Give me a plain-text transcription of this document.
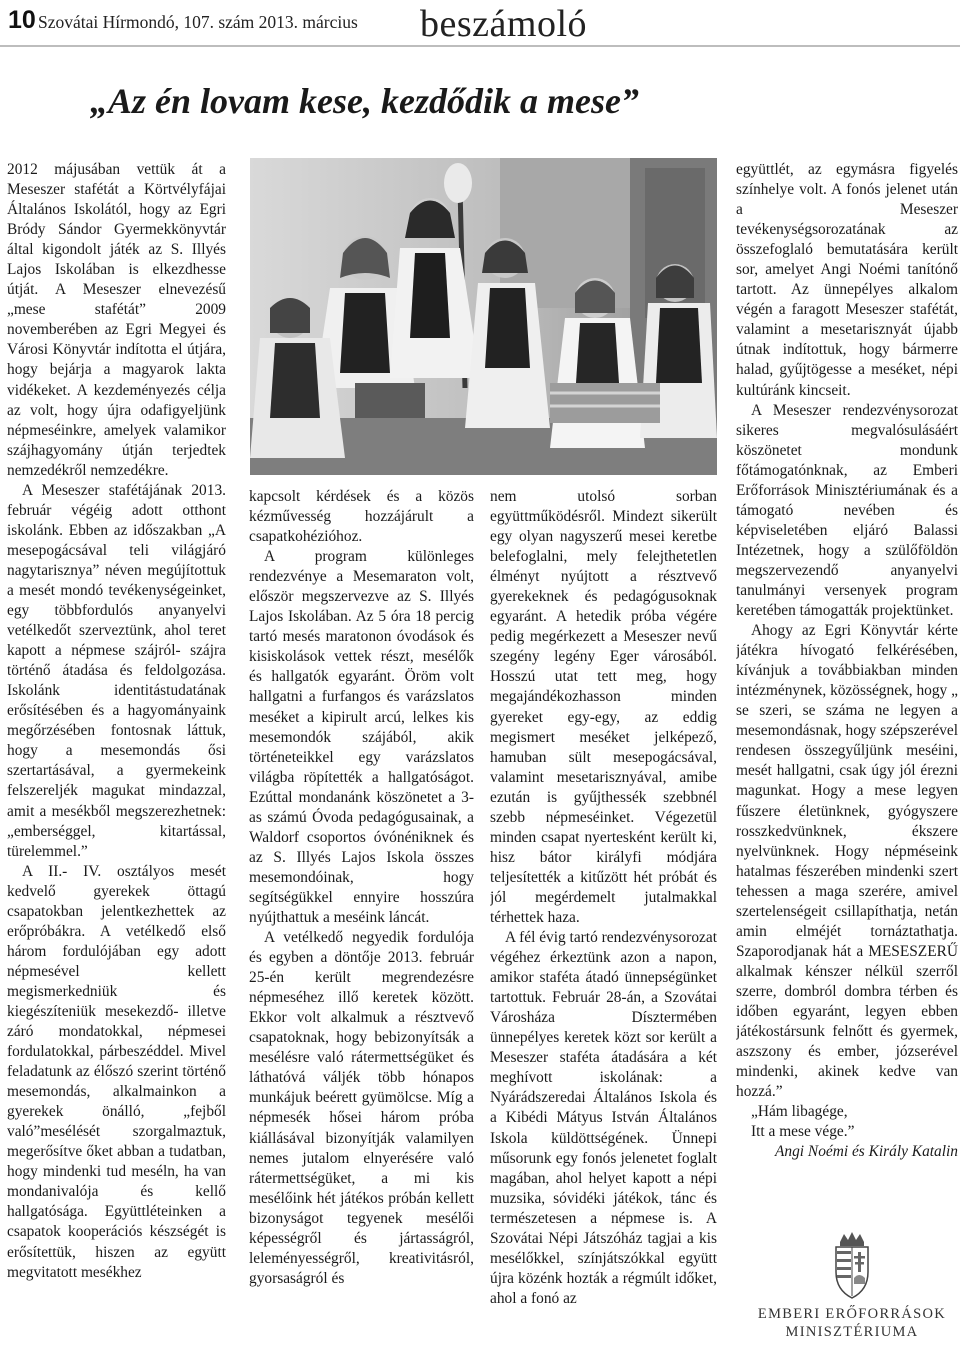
10 Szovátai Hírmondó, 107. szám 2013. március beszámoló
„Az én lovam kese, kezdődik a mese”

2012 májusában vettük át a Meseszer stafétát a Körtvélyfájai Általános Iskolától, hogy az Egri Bródy Sándor Gyermekkönyvtár által kigondolt játék az S. Illyés Lajos Iskolában is elkezdhesse útját. A Meseszer elnevezésű „mese stafétát” 2009 novemberében az Egri Megyei és Városi Könyvtár indította el útjára, hogy bejárja a magyarok lakta vidékeket. A kezdeményezés célja az volt, hogy újra odafigyeljünk népmeséinkre, amelyek valamikor szájhagyomány útján terjedtek nemzedékről nemzedékre.

A Meseszer stafétájának 2013. február végéig adott otthont iskolánk. Ebben az időszakban „A mesepogácsával teli világjáró nagytarisznya” néven megújítottuk a mesét mondó tevékenységeinket, egy többfordulós anyanyelvi vetélkedőt szerveztünk, ahol teret kapott a népmese szájról- szájra történő átadása és feldolgozása. Iskolánk identitástudatának erősítésében és a hagyományaink megőrzésében fontosnak láttuk, hogy a mesemondás ősi szertartásával, a gyermekeink felszereljék magukat mindazzal, amit a mesékből megszerezhetnek: „emberséggel, kitartással, türelemmel.”

A II.- IV. osztályos mesét kedvelő gyerekek öttagú csapatokban jelentkezhettek az erőpróbákra. A vetélkedő első három fordulójában egy adott népmesével kellett megismerkedniük és kiegészíteniük mesekezdő- illetve záró mondatokkal, népmesei fordulatokkal, párbeszéddel. Mivel feladatunk az élőszó szerint történő mesemondás, alkalmainkon a gyerekek önálló, „fejből való”mesélését szorgalmaztuk, megerősítve őket abban a tudatban, hogy mindenki tud meséln, ha van mondanivalója és kellő hallgatósága. Együttléteinken a csapatok kooperációs készségét is erősítettük, hiszen az együtt megvitatott mesékhez

kapcsolt kérdések és a közös kézművesség hozzájárult a csapatkohézióhoz.

A program különleges rendezvénye a Mesemaraton volt, először megszervezve az S. Illyés Lajos Iskolában. Az 5 óra 18 percig tartó mesés maratonon óvodások és kisiskolások vettek részt, mesélők és hallgatók egyaránt. Öröm volt hallgatni a furfangos és varázslatos meséket a kipirult arcú, lelkes kis mesemondók szájából, akik történeteikkel egy varázslatos világba röpítették a hallgatóságot. Ezúttal mondanánk köszönetet a 3-as számú Óvoda pedagógusainak, a Waldorf csoportos óvónéniknek és az S. Illyés Lajos Iskola összes mesemondóinak, hogy segítségükkel ennyire hosszúra nyújthattuk a meséink láncát.

A vetélkedő negyedik fordulója és egyben a döntője 2013. február 25-én került megrendezésre népmeséhez illő keretek között. Ekkor volt alkalmuk a résztvevő csapatoknak, hogy bebizonyítsák a mesélésre való rátermettségüket és láthatóvá váljék több hónapos munkájuk beérett gyümölcse. Míg a népmesék hősei három próba kiállásával bizonyítják valamilyen nemes jutalom elnyerésére való rátermettségüket, a mi kis mesélőink hét játékos próbán kellett bizonyságot tegyenek mesélői képességről és jártasságról, leleményességről, kreativitásról, gyorsaságról és

nem utolsó sorban együttműködésről. Mindezt sikerült egy olyan nagyszerű mesei keretbe belefoglalni, mely felejthetetlen élményt nyújtott a résztvevő gyerekeknek és pedagógusoknak egyaránt. A hetedik próba végére pedig megérkezett a Meseszer nevű szegény legény Eger városából. Hosszú utat tett meg, hogy megajándékozhasson minden gyereket egy-egy, az eddig megismert meséket jelképező, hamuban sült mesepogácsával, valamint mesetarisznyával, amibe ezután is gyűjthessék szebbnél szebb népmeséinket. Végezetül minden csapat nyertesként került ki, hisz bátor királyfi módjára teljesítették a kitűzött hét próbát és jól megérdemelt jutalmakkal térhettek haza.

A fél évig tartó rendezvénysorozat végéhez érkeztünk azon a napon, amikor staféta átadó ünnepségünket tartottuk. Február 28-án, a Szovátai Városháza Dísztermében ünnepélyes keretek közt sor került a Meseszer staféta átadására a két meghívott iskolának: a Nyárádszeredai Általános Iskola és a Kibédi Mátyus István Általános Iskola küldöttségének. Ünnepi műsorunk egy fonós jelenetet foglalt magában, ahol helyet kapott a népi muzsika, sóvidéki játékok, tánc és természetesen a népmese is. A Szovátai Népi Játszóház tagjai a kis mesélőkkel, színjátszókkal együtt újra közénk hozták a régmúlt időket, ahol a fonó az

együttlét, az egymásra figyelés színhelye volt. A fonós jelenet után a Meseszer tevékenységsorozatának az összefoglaló bemutatására került sor, amelyet Angi Noémi tanítónő tartott. Az ünnepélyes alkalom végén a faragott Meseszer stafétát, valamint a mesetarisznyát újabb útnak indítottuk, hogy bármerre halad, gyűjtögesse a meséket, népi kultúránk kincseit.

A Meseszer rendezvénysorozat sikeres megvalósulásáért köszönetet mondunk főtámogatónknak, az Emberi Erőforrások Minisztériumának és a támogató nevében és képviseletében eljáró Balassi Intézetnek, hogy a szülőföldön megszervezendő anyanyelvi tanulmányi versenyek program keretében támogatták projektünket.

Ahogy az Egri Könyvtár kérte játékra hívogató felkérésében, kívánjuk a továbbiakban minden intézménynek, közösségnek, hogy „ se szeri, se száma ne legyen a mesemondásnak, hogy szépszerével rendesen összegyűljünk meséini, mesét hallgatni, csak úgy jól érezni magunkat. Hogy a mese legyen fűszere életünknek, gyógyszere rosszkedvünknek, ékszere nyelvünknek. Hogy népméseink hatalmas fészerében mindenki szert tehessen a maga szerére, amivel szertelenségeit csillapíthatja, netán amin elméjét tornáztathatja. Szaporodjanak hát a MESESZERŰ alkalmak kénszer nélkül szerről szerre, dombról dombra térben és időben egyaránt, legyen ebben játékostársunk felnőtt és gyermek, aszszony és ember, józserével mindenki, akinek kedve van hozzá.”

„Hám libagége,

Itt a mese vége.”

Angi Noémi és Király Katalin

EMBERI ERŐFORRÁSOK
MINISZTÉRIUMA
